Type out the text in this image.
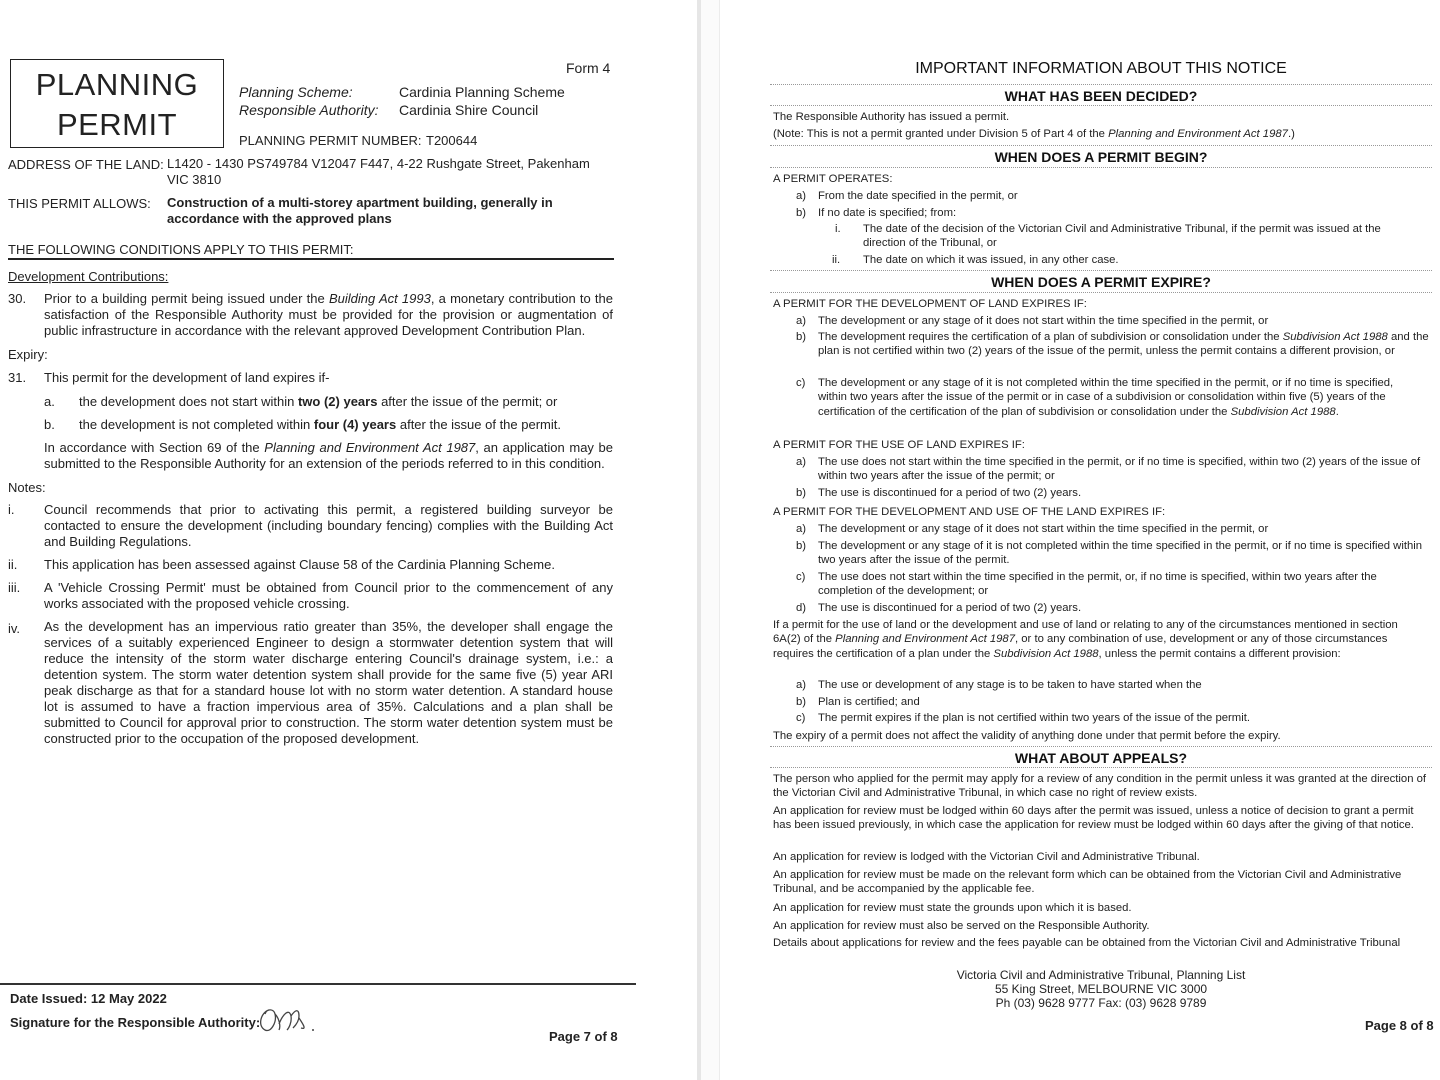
Form 4
PLANNING
PERMIT
Planning Scheme:	Cardinia Planning Scheme
Responsible Authority: Cardinia Shire Council
PLANNING PERMIT NUMBER: T200644
ADDRESS OF THE LAND: L1420 - 1430 PS749784 V12047 F447, 4-22 Rushgate Street, Pakenham VIC 3810
THIS PERMIT ALLOWS: Construction of a multi-storey apartment building, generally in accordance with the approved plans
THE FOLLOWING CONDITIONS APPLY TO THIS PERMIT:
Development Contributions:
30. Prior to a building permit being issued under the Building Act 1993, a monetary contribution to the satisfaction of the Responsible Authority must be provided for the provision or augmentation of public infrastructure in accordance with the relevant approved Development Contribution Plan.
Expiry:
31. This permit for the development of land expires if-
a. the development does not start within two (2) years after the issue of the permit; or
b. the development is not completed within four (4) years after the issue of the permit.
In accordance with Section 69 of the Planning and Environment Act 1987, an application may be submitted to the Responsible Authority for an extension of the periods referred to in this condition.
Notes:
i. Council recommends that prior to activating this permit, a registered building surveyor be contacted to ensure the development (including boundary fencing) complies with the Building Act and Building Regulations.
ii. This application has been assessed against Clause 58 of the Cardinia Planning Scheme.
iii. A 'Vehicle Crossing Permit' must be obtained from Council prior to the commencement of any works associated with the proposed vehicle crossing.
iv. As the development has an impervious ratio greater than 35%, the developer shall engage the services of a suitably experienced Engineer to design a stormwater detention system that will reduce the intensity of the storm water discharge entering Council's drainage system, i.e.: a detention system. The storm water detention system shall provide for the same five (5) year ARI peak discharge as that for a standard house lot with no storm water detention. A standard house lot is assumed to have a fraction impervious area of 35%. Calculations and a plan shall be submitted to Council for approval prior to construction. The storm water detention system must be constructed prior to the occupation of the proposed development.
Date Issued: 12 May 2022
Signature for the Responsible Authority:
Page 7 of 8
IMPORTANT INFORMATION ABOUT THIS NOTICE
WHAT HAS BEEN DECIDED?
The Responsible Authority has issued a permit.
(Note: This is not a permit granted under Division 5 of Part 4 of the Planning and Environment Act 1987.)
WHEN DOES A PERMIT BEGIN?
A PERMIT OPERATES:
a) From the date specified in the permit, or
b) If no date is specified; from:
i. The date of the decision of the Victorian Civil and Administrative Tribunal, if the permit was issued at the direction of the Tribunal, or
ii. The date on which it was issued, in any other case.
WHEN DOES A PERMIT EXPIRE?
A PERMIT FOR THE DEVELOPMENT OF LAND EXPIRES IF:
a) The development or any stage of it does not start within the time specified in the permit, or
b) The development requires the certification of a plan of subdivision or consolidation under the Subdivision Act 1988 and the plan is not certified within two (2) years of the issue of the permit, unless the permit contains a different provision, or
c) The development or any stage of it is not completed within the time specified in the permit, or if no time is specified, within two years after the issue of the permit or in case of a subdivision or consolidation within five (5) years of the certification of the certification of the plan of subdivision or consolidation under the Subdivision Act 1988.
A PERMIT FOR THE USE OF LAND EXPIRES IF:
a) The use does not start within the time specified in the permit, or if no time is specified, within two (2) years of the issue of within two years after the issue of the permit; or
b) The use is discontinued for a period of two (2) years.
A PERMIT FOR THE DEVELOPMENT AND USE OF THE LAND EXPIRES IF:
a) The development or any stage of it does not start within the time specified in the permit, or
b) The development or any stage of it is not completed within the time specified in the permit, or if no time is specified within two years after the issue of the permit.
c) The use does not start within the time specified in the permit, or, if no time is specified, within two years after the completion of the development; or
d) The use is discontinued for a period of two (2) years.
If a permit for the use of land or the development and use of land or relating to any of the circumstances mentioned in section 6A(2) of the Planning and Environment Act 1987, or to any combination of use, development or any of those circumstances requires the certification of a plan under the Subdivision Act 1988, unless the permit contains a different provision:
a) The use or development of any stage is to be taken to have started when the
b) Plan is certified; and
c) The permit expires if the plan is not certified within two years of the issue of the permit.
The expiry of a permit does not affect the validity of anything done under that permit before the expiry.
WHAT ABOUT APPEALS?
The person who applied for the permit may apply for a review of any condition in the permit unless it was granted at the direction of the Victorian Civil and Administrative Tribunal, in which case no right of review exists.
An application for review must be lodged within 60 days after the permit was issued, unless a notice of decision to grant a permit has been issued previously, in which case the application for review must be lodged within 60 days after the giving of that notice.
An application for review is lodged with the Victorian Civil and Administrative Tribunal.
An application for review must be made on the relevant form which can be obtained from the Victorian Civil and Administrative Tribunal, and be accompanied by the applicable fee.
An application for review must state the grounds upon which it is based.
An application for review must also be served on the Responsible Authority.
Details about applications for review and the fees payable can be obtained from the Victorian Civil and Administrative Tribunal
Victoria Civil and Administrative Tribunal, Planning List
55 King Street, MELBOURNE VIC 3000
Ph (03) 9628 9777 Fax: (03) 9628 9789
Page 8 of 8
